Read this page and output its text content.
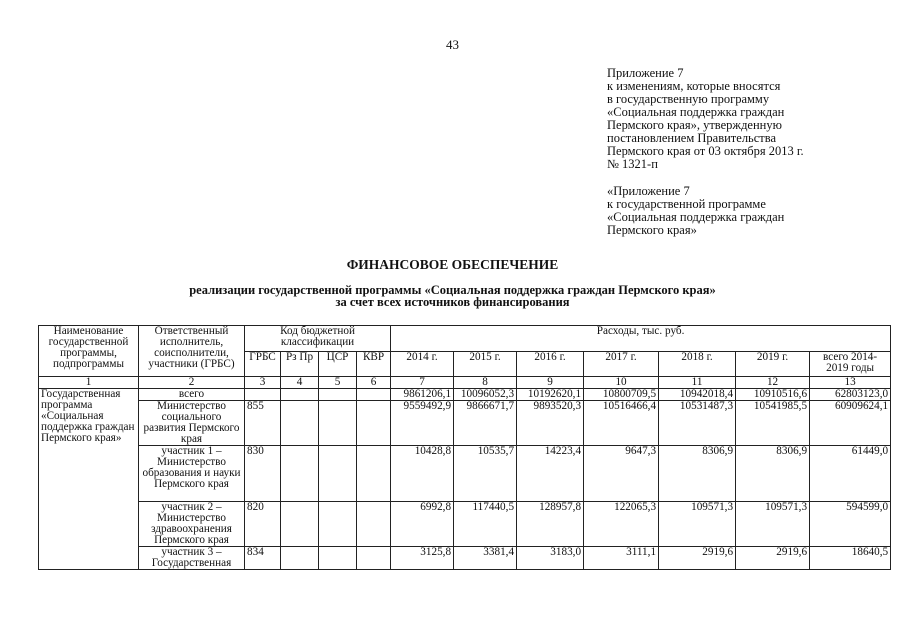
43
Приложение 7
к изменениям, которые вносятся
в государственную программу
«Социальная поддержка граждан
Пермского края», утвержденную
постановлением Правительства
Пермского края от 03 октября 2013 г.
№ 1321-п
«Приложение 7
к государственной программе
«Социальная поддержка граждан
Пермского края»
ФИНАНСОВОЕ ОБЕСПЕЧЕНИЕ
реализации государственной программы «Социальная поддержка граждан Пермского края»
за счет всех источников финансирования
Наименование государственной программы, подпрограммы	Ответственный исполнитель, соисполнители, участники (ГРБС)	Код бюджетной классификации				Расходы, тыс. руб.						
		ГРБС	Рз Пр	ЦСР	КВР	2014 г.	2015 г.	2016 г.	2017 г.	2018 г.	2019 г.	всего 2014-2019 годы
1	2	3	4	5	6	7	8	9	10	11	12	13
Государственная программа «Социальная поддержка граждан Пермского края»	всего					9861206,1	10096052,3	10192620,1	10800709,5	10942018,4	10910516,6	62803123,0
	Министерство социального развития Пермского края	855				9559492,9	9866671,7	9893520,3	10516466,4	10531487,3	10541985,5	60909624,1
	участник 1 – Министерство образования и науки Пермского края	830				10428,8	10535,7	14223,4	9647,3	8306,9	8306,9	61449,0
	участник 2 – Министерство здравоохранения Пермского края	820				6992,8	117440,5	128957,8	122065,3	109571,3	109571,3	594599,0
	участник 3 – Государственная	834				3125,8	3381,4	3183,0	3111,1	2919,6	2919,6	18640,5
